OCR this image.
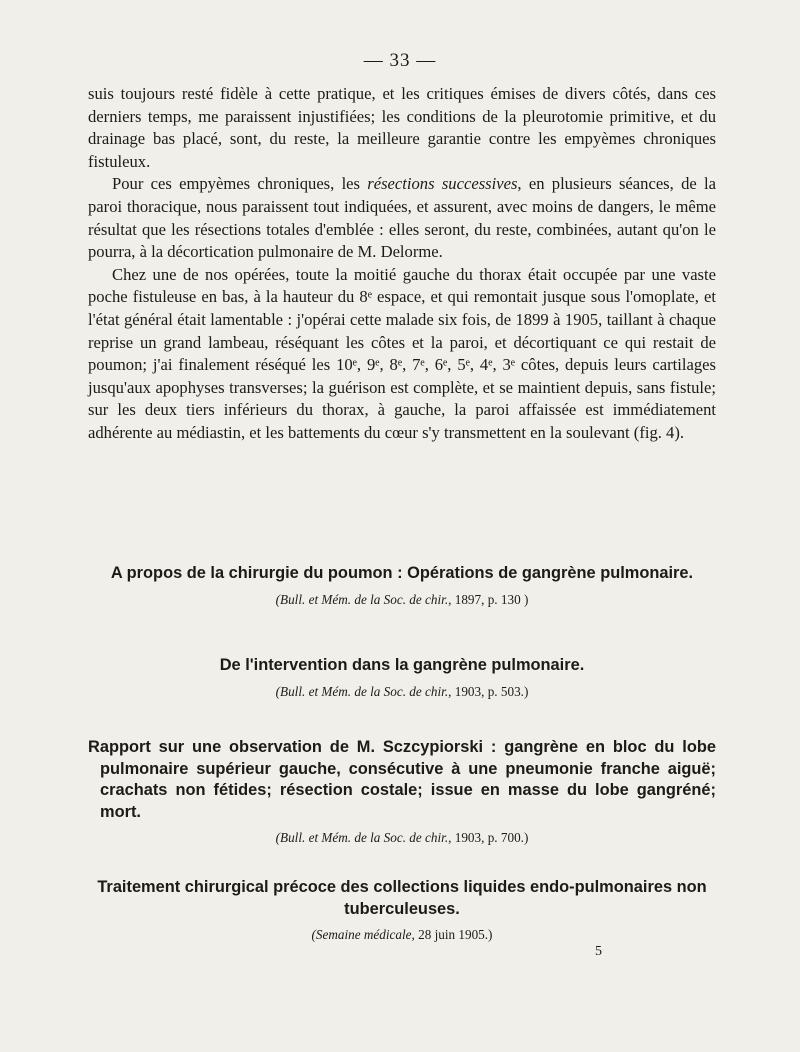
— 33 —

suis toujours resté fidèle à cette pratique, et les critiques émises de divers côtés, dans ces derniers temps, me paraissent injustifiées; les conditions de la pleurotomie primitive, et du drainage bas placé, sont, du reste, la meilleure garantie contre les empyèmes chroniques fistuleux.

Pour ces empyèmes chroniques, les résections successives, en plusieurs séances, de la paroi thoracique, nous paraissent tout indiquées, et assurent, avec moins de dangers, le même résultat que les résections totales d'emblée : elles seront, du reste, combinées, autant qu'on le pourra, à la décortication pulmonaire de M. Delorme.

Chez une de nos opérées, toute la moitié gauche du thorax était occupée par une vaste poche fistuleuse en bas, à la hauteur du 8ᵉ espace, et qui remontait jusque sous l'omoplate, et l'état général était lamentable : j'opérai cette malade six fois, de 1899 à 1905, taillant à chaque reprise un grand lambeau, réséquant les côtes et la paroi, et décortiquant ce qui restait de poumon; j'ai finalement réséqué les 10ᵉ, 9ᵉ, 8ᵉ, 7ᵉ, 6ᵉ, 5ᵉ, 4ᵉ, 3ᵉ côtes, depuis leurs cartilages jusqu'aux apophyses transverses; la guérison est complète, et se maintient depuis, sans fistule; sur les deux tiers inférieurs du thorax, à gauche, la paroi affaissée est immédiatement adhérente au médiastin, et les battements du cœur s'y transmettent en la soulevant (fig. 4).

A propos de la chirurgie du poumon : Opérations de gangrène pulmonaire.

(Bull. et Mém. de la Soc. de chir., 1897, p. 130 )

De l'intervention dans la gangrène pulmonaire.

(Bull. et Mém. de la Soc. de chir., 1903, p. 503.)

Rapport sur une observation de M. Sczcypiorski : gangrène en bloc du lobe pulmonaire supérieur gauche, consécutive à une pneumonie franche aiguë; crachats non fétides; résection costale; issue en masse du lobe gangréné; mort.

(Bull. et Mém. de la Soc. de chir., 1903, p. 700.)

Traitement chirurgical précoce des collections liquides endo-pulmonaires non tuberculeuses.

(Semaine médicale, 28 juin 1905.)
5
